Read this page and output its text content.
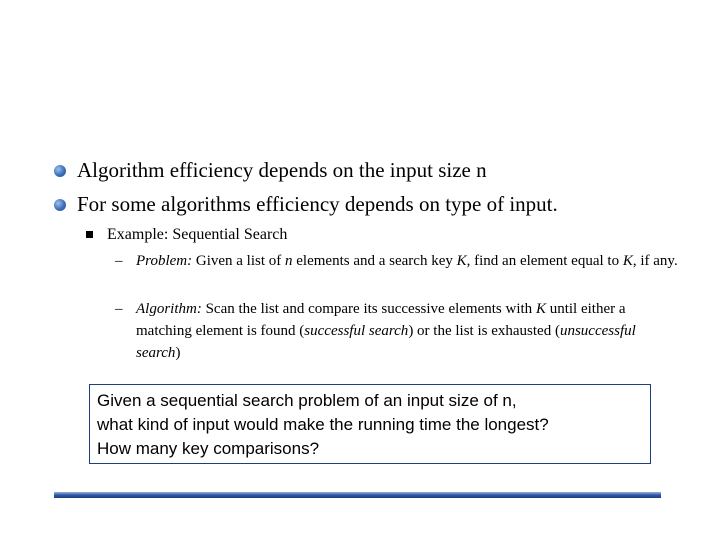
Algorithm efficiency depends on the input size n
For some algorithms efficiency depends on type of input.
Example: Sequential Search
– Problem: Given a list of n elements and a search key K, find an element equal to K, if any.
– Algorithm: Scan the list and compare its successive elements with K until either a matching element is found (successful search) or the list is exhausted (unsuccessful search)
Given a sequential search problem of an input size of n,
what kind of input would make the running time the longest?
How many key comparisons?
